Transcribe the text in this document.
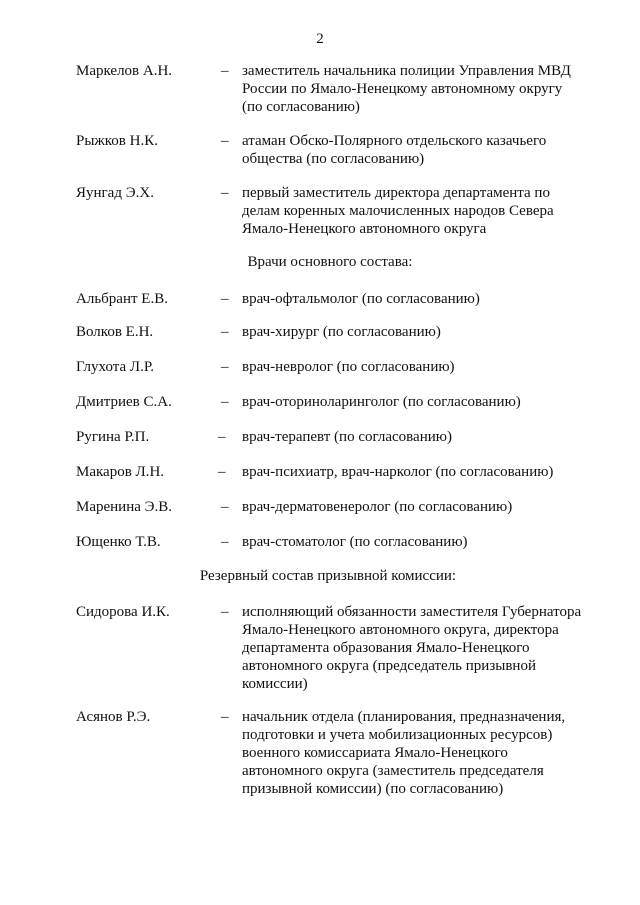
2
Маркелов А.Н.	– заместитель начальника полиции Управления МВД
России по Ямало-Ненецкому автономному округу
(по согласованию)
Рыжков Н.К.	– атаман Обско-Полярного отдельского казачьего
общества (по согласованию)
Яунгад Э.Х.	– первый заместитель директора департамента по
делам коренных малочисленных народов Севера
Ямало-Ненецкого автономного округа
Врачи основного состава:
Альбрант Е.В.	– врач-офтальмолог (по согласованию)
Волков Е.Н.	– врач-хирург (по согласованию)
Глухота Л.Р.	– врач-невролог (по согласованию)
Дмитриев С.А.	– врач-оториноларинголог (по согласованию)
Ругина Р.П.	– врач-терапевт (по согласованию)
Макаров Л.Н.	– врач-психиатр, врач-нарколог (по согласованию)
Маренина Э.В.	– врач-дерматовенеролог (по согласованию)
Ющенко Т.В.	– врач-стоматолог (по согласованию)
Резервный состав призывной комиссии:
Сидорова И.К.	– исполняющий обязанности заместителя Губернатора
Ямало-Ненецкого автономного округа, директора
департамента образования Ямало-Ненецкого
автономного округа (председатель призывной
комиссии)
Асянов Р.Э.	– начальник отдела (планирования, предназначения,
подготовки и учета мобилизационных ресурсов)
военного комиссариата Ямало-Ненецкого
автономного округа (заместитель председателя
призывной комиссии) (по согласованию)
